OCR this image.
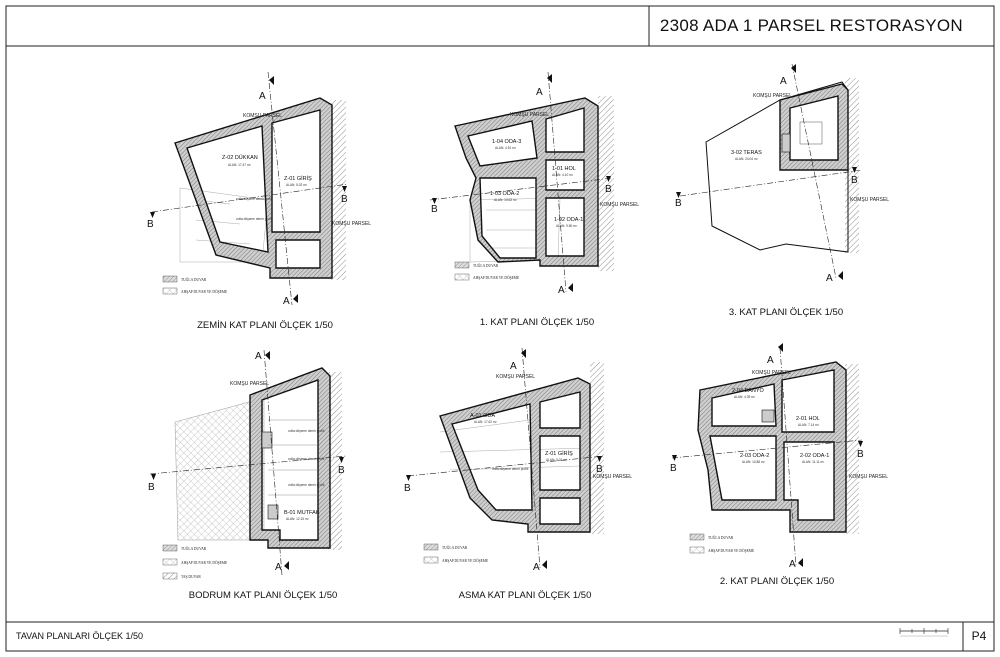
2308 ADA 1 PARSEL RESTORASYON
TAVAN PLANLARI ÖLÇEK 1/50	P4
KOMŞU PARSEL
KOMŞU PARSEL
Z-02 DÜKKAN
ALAN: 17.47 m²
Z-01 GİRİŞ
ALAN: 5.02 m²
volta döşeme demir profili
volta döşeme demir profili
A
A
B
B
TUĞLA DUVAR
AHŞAP DUVAR VE DÖŞEME
ZEMİN KAT PLANI ÖLÇEK 1/50
KOMŞU PARSEL
KOMŞU PARSEL
1-04 ODA-3
ALAN: 4.51 m²
1-01 HOL
ALAN: 4.10 m²
1-03 ODA-2
ALAN: 10.63 m²
1-02 ODA-1
ALAN: 9.80 m²
A
A
B
B
TUĞLA DUVAR
AHŞAP DUVAR VE DÖŞEME
1. KAT PLANI ÖLÇEK 1/50
KOMŞU PARSEL
KOMŞU PARSEL
3-02 TERAS
ALAN: 24.04 m²
A
A
B
B
3. KAT PLANI ÖLÇEK 1/50
KOMŞU PARSEL
volta döşeme demir profili
volta döşeme demir profili
volta döşeme demir profili
B-01 MUTFAK
ALAN: 12.15 m²
A
A
B
B
TUĞLA DUVAR
AHŞAP DUVAR VE DÖŞEME
TAŞ DUVAR
BODRUM KAT PLANI ÖLÇEK 1/50
KOMŞU PARSEL
KOMŞU PARSEL
A-01 ODA
ALAN: 17.62 m²
volta döşeme demir profili
Z-01 GİRİŞ
ALAN: 5.02 m²
A
A
B
B
TUĞLA DUVAR
AHŞAP DUVAR VE DÖŞEME
ASMA KAT PLANI ÖLÇEK 1/50
KOMŞU PARSEL
KOMŞU PARSEL
2-04 BANYO
ALAN: 4.39 m²
2-01 HOL
ALAN: 7.14 m²
2-03 ODA-2
ALAN: 10.88 m²
2-02 ODA-1
ALAN: 11.11 m²
A
A
B
B
TUĞLA DUVAR
AHŞAP DUVAR VE DÖŞEME
2. KAT PLANI ÖLÇEK 1/50
